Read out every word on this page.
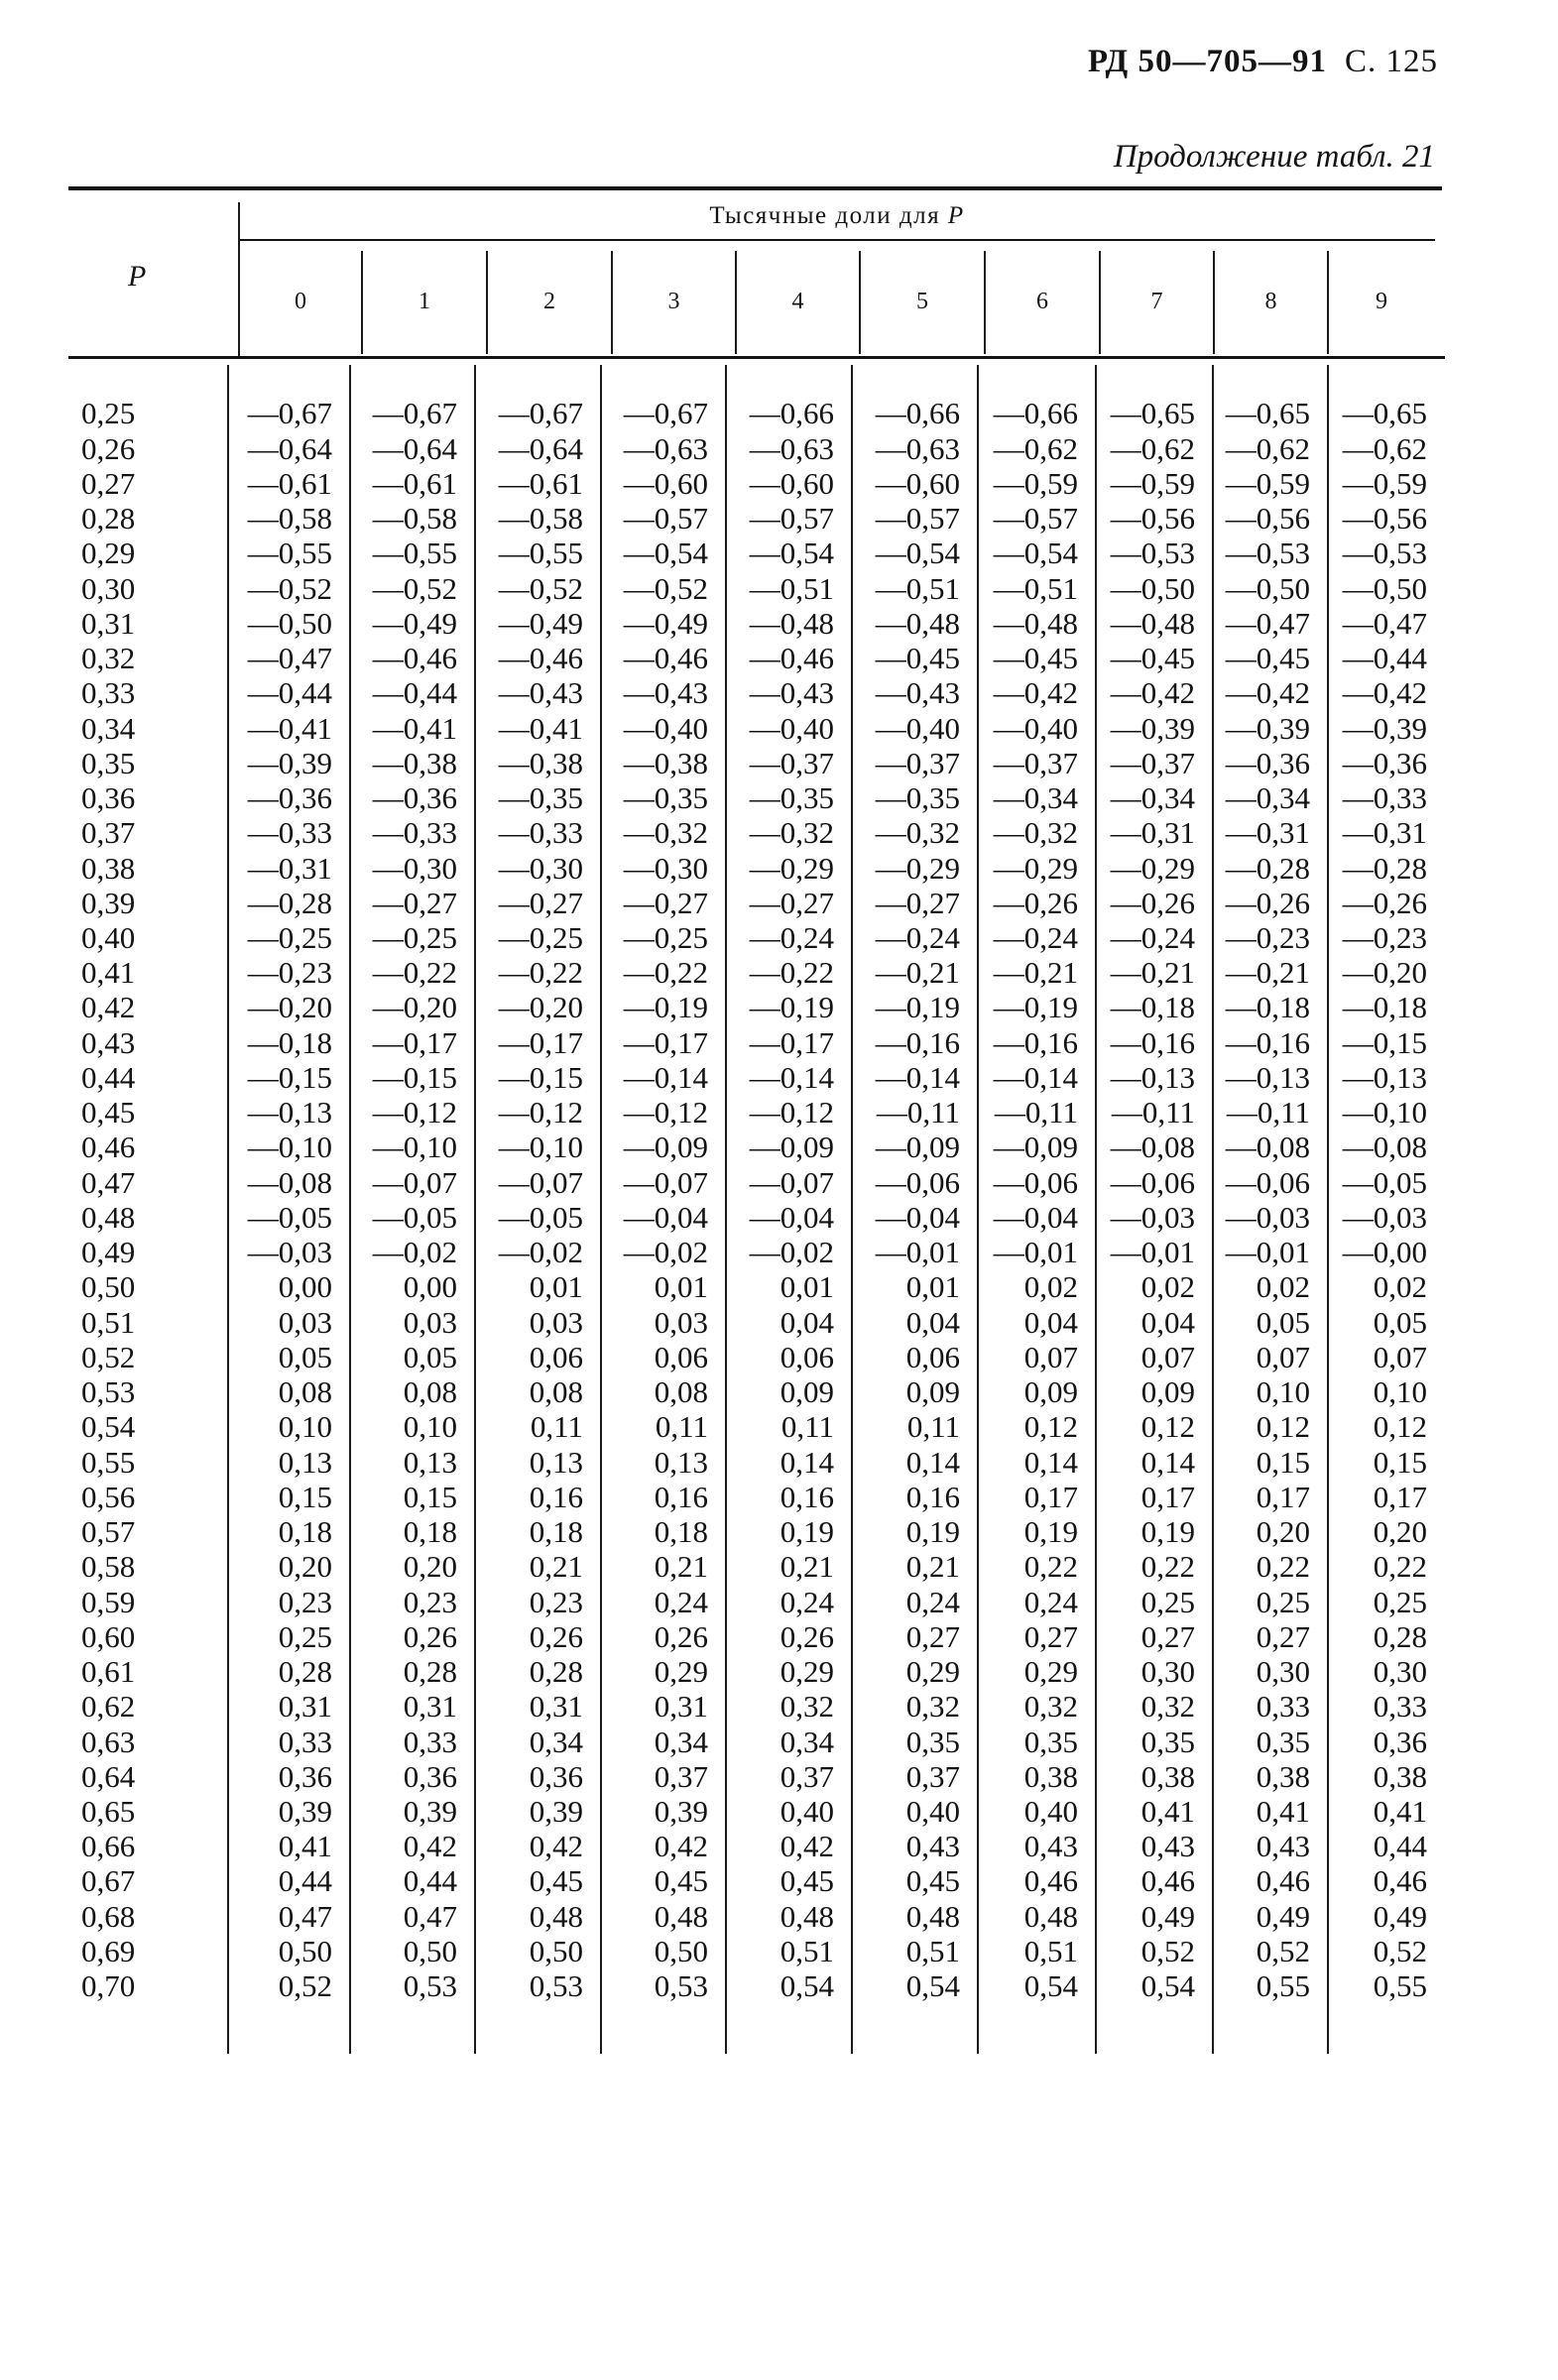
РД 50—705—91 С. 125
Продолжение табл. 21
Тысячные доли для P
P
0	1	2	3	4	5	6	7	8	9
0,25	—0,67	—0,67	—0,67	—0,67	—0,66	—0,66	—0,66	—0,65 —0,65	—0,65
0,26	—0,64	—0,64	—0,64	—0,63	—0,63	—0,63	—0,62	—0,62 —0,62	—0,62
0,27	—0,61	—0,61	—0,61	—0,60	—0,60	—0,60	—0,59	—0,59 —0,59	—0,59
0,28	—0,58	—0,58	—0,58	—0,57	—0,57	—0,57	—0,57	—0,56 —0,56	—0,56
0,29	—0,55	—0,55	—0,55	—0,54	—0,54	—0,54	—0,54	—0,53 —0,53	—0,53
0,30	—0,52	—0,52	—0,52	—0,52	—0,51	—0,51	—0,51	—0,50 —0,50	—0,50
0,31	—0,50	—0,49	—0,49	—0,49	—0,48	—0,48	—0,48	—0,48 —0,47	—0,47
0,32	—0,47	—0,46	—0,46	—0,46	—0,46	—0,45	—0,45	—0,45 —0,45	—0,44
0,33	—0,44	—0,44	—0,43	—0,43	—0,43	—0,43	—0,42	—0,42 —0,42	—0,42
0,34	—0,41	—0,41	—0,41	—0,40	—0,40	—0,40	—0,40	—0,39 —0,39	—0,39
0,35	—0,39	—0,38	—0,38	—0,38	—0,37	—0,37	—0,37	—0,37 —0,36	—0,36
0,36	—0,36	—0,36	—0,35	—0,35	—0,35	—0,35	—0,34	—0,34 —0,34	—0,33
0,37	—0,33	—0,33	—0,33	—0,32	—0,32	—0,32	—0,32	—0,31 —0,31	—0,31
0,38	—0,31	—0,30	—0,30	—0,30	—0,29	—0,29	—0,29	—0,29 —0,28	—0,28
0,39	—0,28	—0,27	—0,27	—0,27	—0,27	—0,27	—0,26	—0,26 —0,26	—0,26
0,40	—0,25	—0,25	—0,25	—0,25	—0,24	—0,24	—0,24	—0,24 —0,23	—0,23
0,41	—0,23	—0,22	—0,22	—0,22	—0,22	—0,21	—0,21	—0,21 —0,21	—0,20
0,42	—0,20	—0,20	—0,20	—0,19	—0,19	—0,19	—0,19	—0,18 —0,18	—0,18
0,43	—0,18	—0,17	—0,17	—0,17	—0,17	—0,16	—0,16	—0,16 —0,16	—0,15
0,44	—0,15	—0,15	—0,15	—0,14	—0,14	—0,14	—0,14	—0,13 —0,13	—0,13
0,45	—0,13	—0,12	—0,12	—0,12	—0,12	—0,11	—0,11	—0,11	—0,11	—0,10
0,46	—0,10	—0,10	—0,10	—0,09	—0,09	—0,09	—0,09	—0,08 —0,08	—0,08
0,47	—0,08	—0,07	—0,07	—0,07	—0,07	—0,06	—0,06	—0,06 —0,06	—0,05
0,48	—0,05	—0,05	—0,05	—0,04	—0,04	—0,04	—0,04	—0,03 —0,03	—0,03
0,49	—0,03	—0,02	—0,02	—0,02	—0,02	—0,01	—0,01	—0,01 —0,01	—0,00
0,50	0,00	0,00	0,01	0,01	0,01	0,01	0,02	0,02	0,02	0,02
0,51	0,03	0,03	0,03	0,03	0,04	0,04	0,04	0,04	0,05	0,05
0,52	0,05	0,05	0,06	0,06	0,06	0,06	0,07	0,07	0,07	0,07
0,53	0,08	0,08	0,08	0,08	0,09	0,09	0,09	0,09	0,10	0,10
0,54	0,10	0,10	0,11	0,11	0,11	0,11	0,12	0,12	0,12	0,12
0,55	0,13	0,13	0,13	0,13	0,14	0,14	0,14	0,14	0,15	0,15
0,56	0,15	0,15	0,16	0,16	0,16	0,16	0,17	0,17	0,17	0,17
0,57	0,18	0,18	0,18	0,18	0,19	0,19	0,19	0,19	0,20	0,20
0,58	0,20	0,20	0,21	0,21	0,21	0,21	0,22	0,22	0,22	0,22
0,59	0,23	0,23	0,23	0,24	0,24	0,24	0,24	0,25	0,25	0,25
0,60	0,25	0,26	0,26	0,26	0,26	0,27	0,27	0,27	0,27	0,28
0,61	0,28	0,28	0,28	0,29	0,29	0,29	0,29	0,30	0,30	0,30
0,62	0,31	0,31	0,31	0,31	0,32	0,32	0,32	0,32	0,33	0,33
0,63	0,33	0,33	0,34	0,34	0,34	0,35	0,35	0,35	0,35	0,36
0,64	0,36	0,36	0,36	0,37	0,37	0,37	0,38	0,38	0,38	0,38
0,65	0,39	0,39	0,39	0,39	0,40	0,40	0,40	0,41	0,41	0,41
0,66	0,41	0,42	0,42	0,42	0,42	0,43	0,43	0,43	0,43	0,44
0,67	0,44	0,44	0,45	0,45	0,45	0,45	0,46	0,46	0,46	0,46
0,68	0,47	0,47	0,48	0,48	0,48	0,48	0,48	0,49	0,49	0,49
0,69	0,50	0,50	0,50	0,50	0,51	0,51	0,51	0,52	0,52	0,52
0,70	0,52	0,53	0,53	0,53	0,54	0,54	0,54	0,54	0,55	0,55
